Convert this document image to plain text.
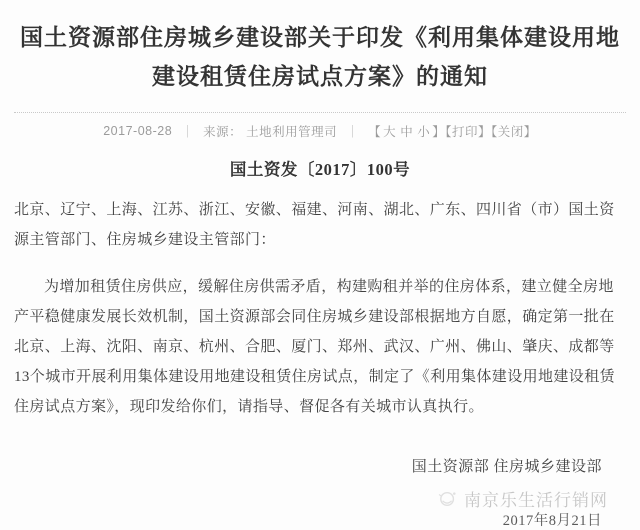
国土资源部住房城乡建设部关于印发《利用集体建设用地建设租赁住房试点方案》的通知
2017-08-28 ｜ 来源： 土地利用管理司 ｜ 【 大 中 小 】【打印】【关闭】
国土资发〔2017〕100号

北京、辽宁、上海、江苏、浙江、安徽、福建、河南、湖北、广东、四川省（市）国土资源主管部门、住房城乡建设主管部门：

为增加租赁住房供应，缓解住房供需矛盾，构建购租并举的住房体系，建立健全房地产平稳健康发展长效机制，国土资源部会同住房城乡建设部根据地方自愿，确定第一批在北京、上海、沈阳、南京、杭州、合肥、厦门、郑州、武汉、广州、佛山、肇庆、成都等13个城市开展利用集体建设用地建设租赁住房试点，制定了《利用集体建设用地建设租赁住房试点方案》，现印发给你们，请指导、督促各有关城市认真执行。

国土资源部 住房城乡建设部
南京乐生活行销网
2017年8月21日
